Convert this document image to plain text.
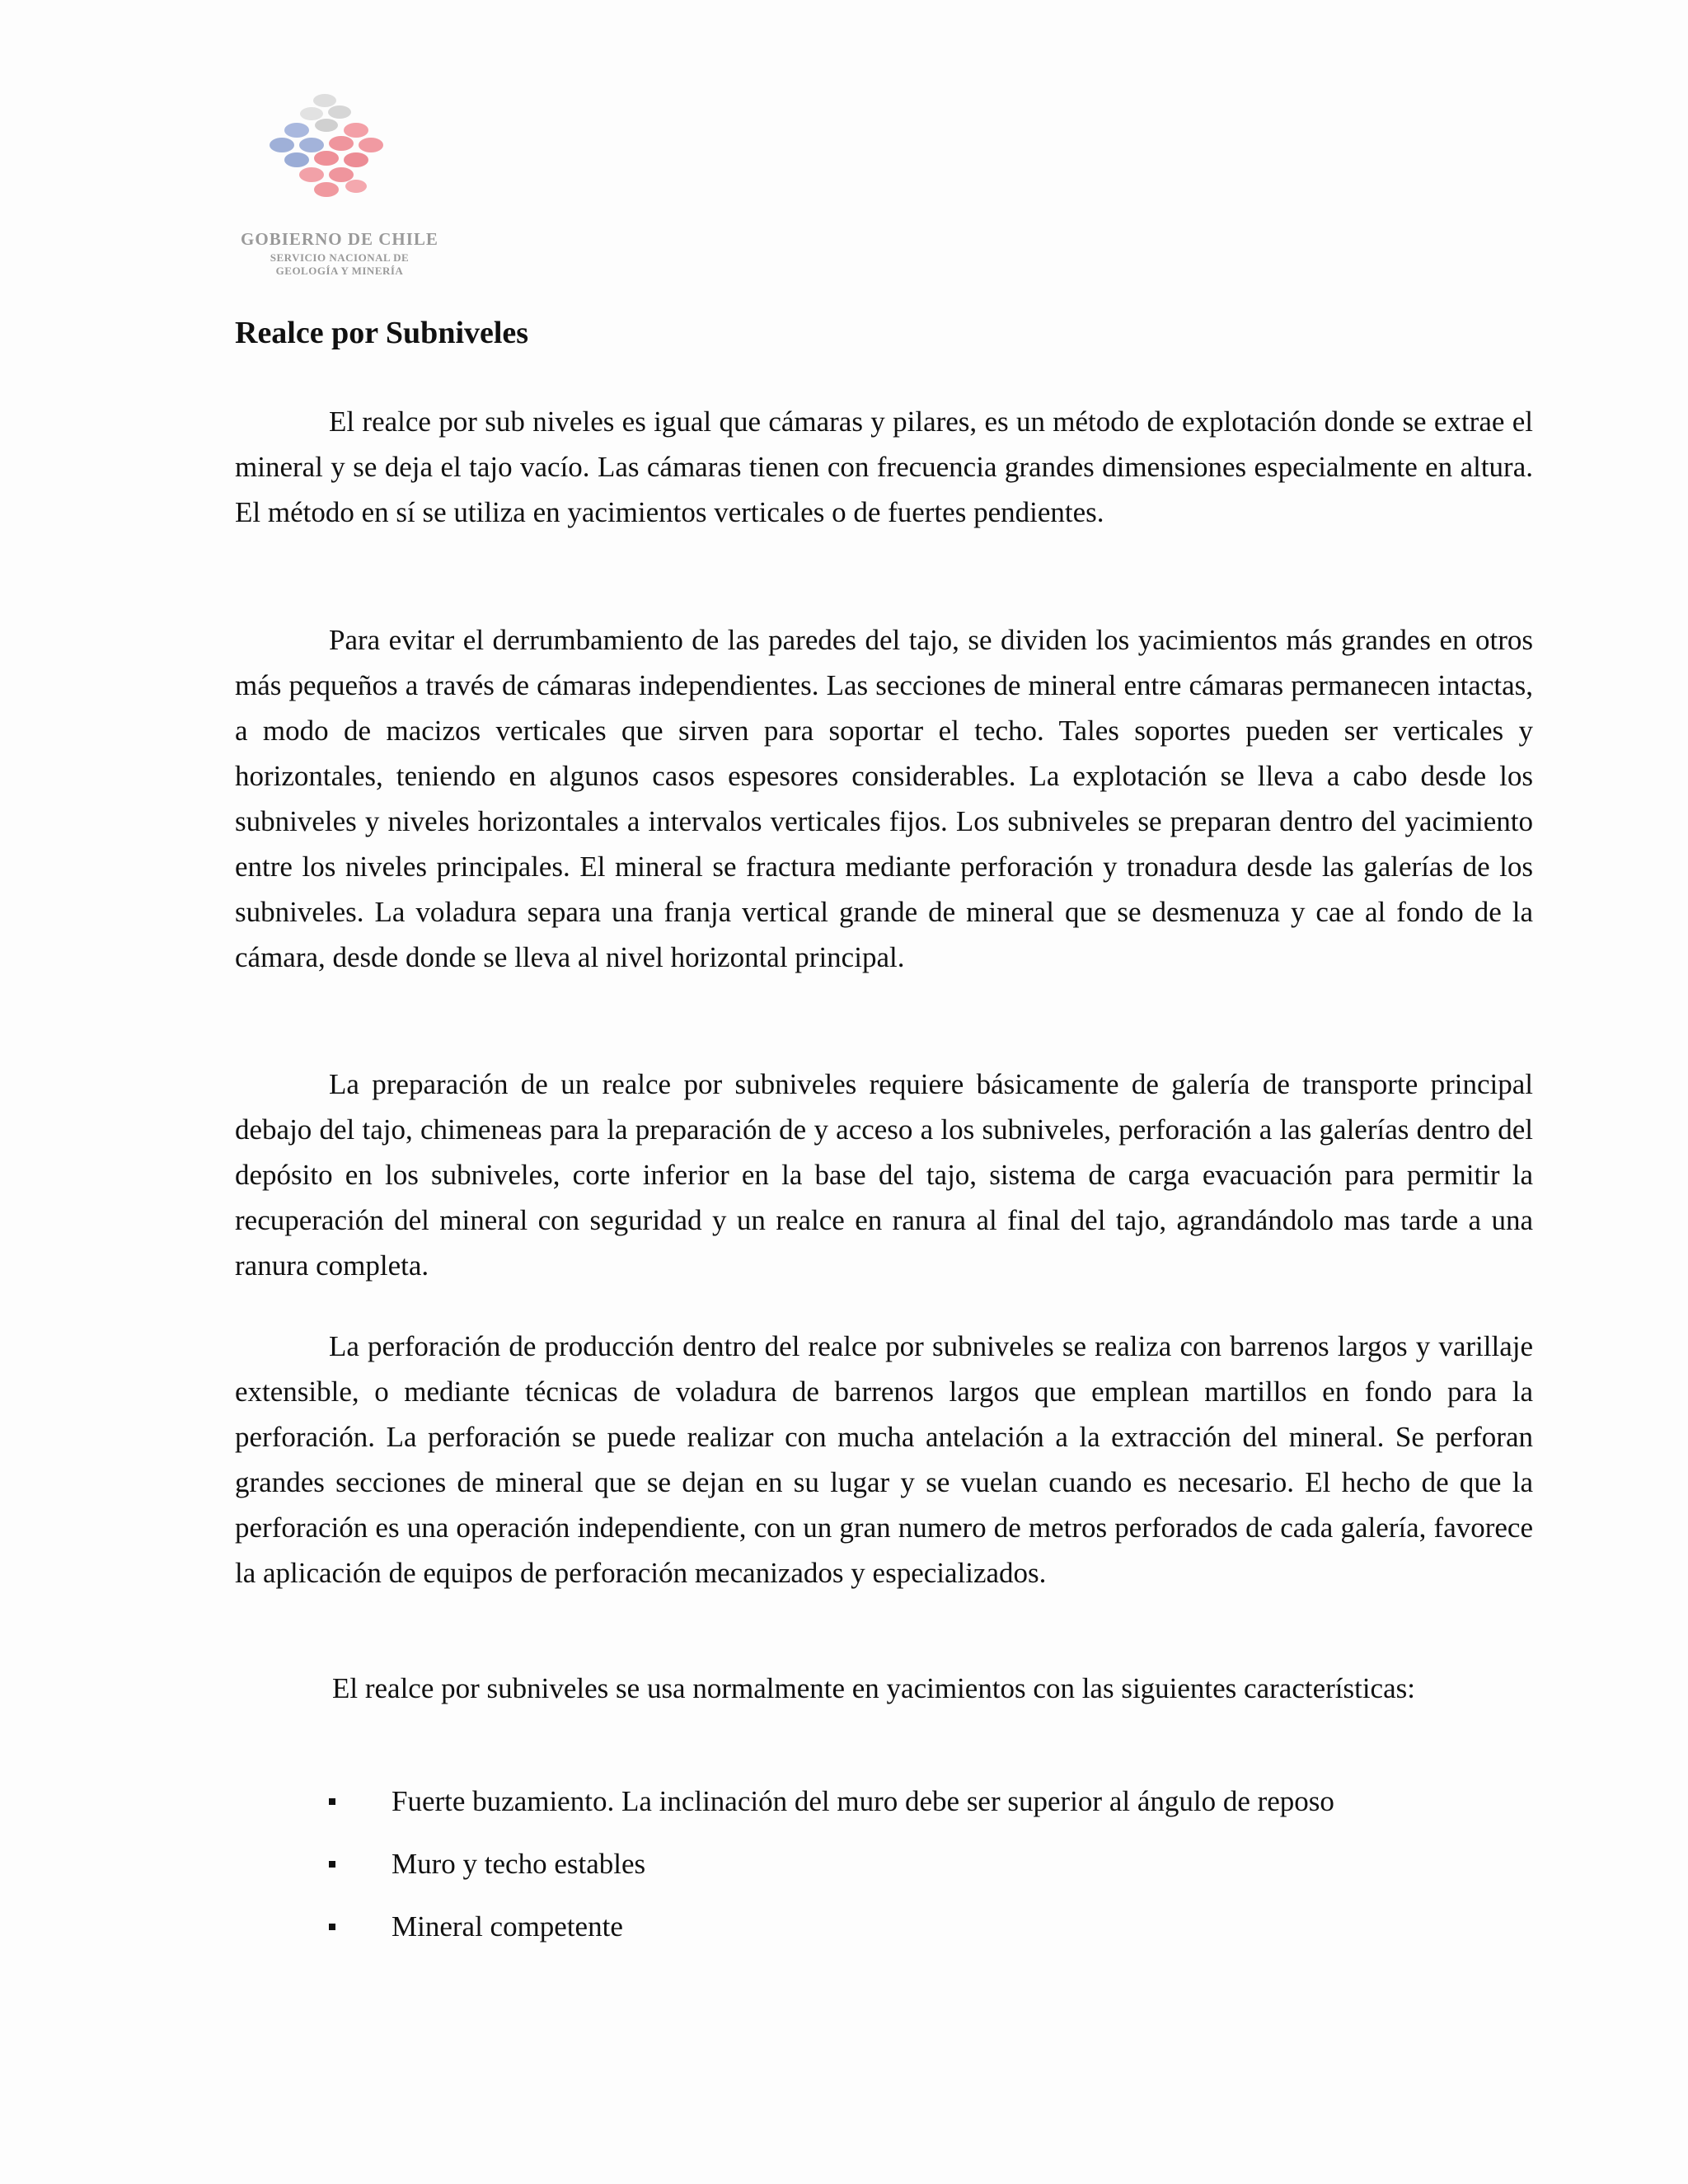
GOBIERNO DE CHILE
SERVICIO NACIONAL DE
GEOLOGÍA Y MINERÍA
Realce por Subniveles

El realce por sub niveles es igual que cámaras y pilares, es un método de explotación donde se extrae el mineral y se deja el tajo vacío. Las cámaras tienen con frecuencia grandes dimensiones especialmente en altura. El método en sí se utiliza en yacimientos verticales o de fuertes pendientes.

Para evitar el derrumbamiento de las paredes del tajo, se dividen los yacimientos más grandes en otros más pequeños a través de cámaras independientes. Las secciones de mineral entre cámaras permanecen intactas, a modo de macizos verticales que sirven para soportar el techo. Tales soportes pueden ser verticales y horizontales, teniendo en algunos casos espesores considerables. La explotación se lleva a cabo desde los subniveles y niveles horizontales a intervalos verticales fijos. Los subniveles se preparan dentro del yacimiento entre los niveles principales. El mineral se fractura mediante perforación y tronadura desde las galerías de los subniveles. La voladura separa una franja vertical grande de mineral que se desmenuza y cae al fondo de la cámara, desde donde se lleva al nivel horizontal principal.

La preparación de un realce por subniveles requiere básicamente de galería de transporte principal debajo del tajo, chimeneas para la preparación de y acceso a los subniveles, perforación a las galerías dentro del depósito en los subniveles, corte inferior en la base del tajo, sistema de carga evacuación para permitir la recuperación del mineral con seguridad y un realce en ranura al final del tajo, agrandándolo mas tarde a una ranura completa.

La perforación de producción dentro del realce por subniveles se realiza con barrenos largos y varillaje extensible, o mediante técnicas de voladura de barrenos largos que emplean martillos en fondo para la perforación. La perforación se puede realizar con mucha antelación a la extracción del mineral. Se perforan grandes secciones de mineral que se dejan en su lugar y se vuelan cuando es necesario. El hecho de que la perforación es una operación independiente, con un gran numero de metros perforados de cada galería, favorece la aplicación de equipos de perforación mecanizados y especializados.

El realce por subniveles se usa normalmente en yacimientos con las siguientes características:

Fuerte buzamiento. La inclinación del muro debe ser superior al ángulo de reposo
Muro y techo estables
Mineral competente
